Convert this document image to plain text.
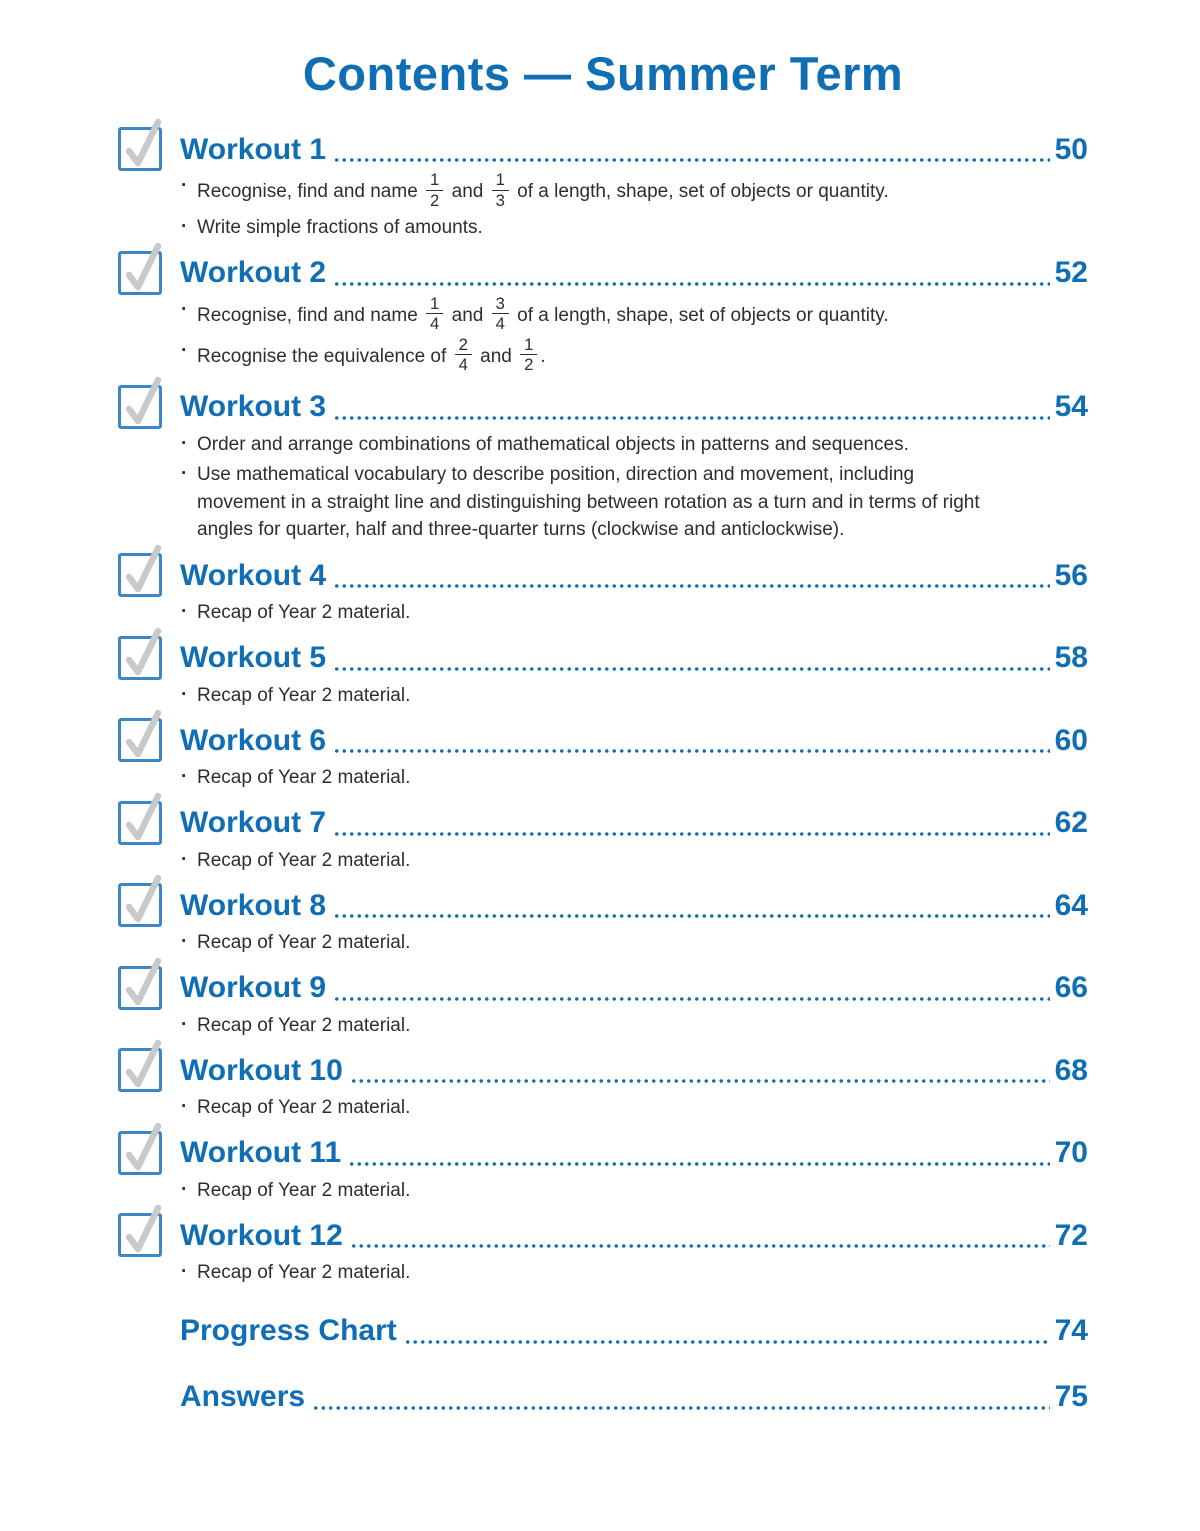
Contents — Summer Term
Workout 1	50
· Recognise, find and name $\frac{1}{2}$ and $\frac{1}{3}$ of a length, shape, set of objects or quantity.
· Write simple fractions of amounts.
Workout 2	52
· Recognise, find and name $\frac{1}{4}$ and $\frac{3}{4}$ of a length, shape, set of objects or quantity.
· Recognise the equivalence of $\frac{2}{4}$ and $\frac{1}{2}$ .
Workout 3	54
· Order and arrange combinations of mathematical objects in patterns and sequences.
· Use mathematical vocabulary to describe position, direction and movement, including movement in a straight line and distinguishing between rotation as a turn and in terms of right angles for quarter, half and three-quarter turns (clockwise and anticlockwise).
Workout 4	56
· Recap of Year 2 material.
Workout 5	58
· Recap of Year 2 material.
Workout 6	60
· Recap of Year 2 material.
Workout 7	62
· Recap of Year 2 material.
Workout 8	64
· Recap of Year 2 material.
Workout 9	66
· Recap of Year 2 material.
Workout 10	68
· Recap of Year 2 material.
Workout 11	70
· Recap of Year 2 material.
Workout 12	72
· Recap of Year 2 material.
Progress Chart	74
Answers	75
